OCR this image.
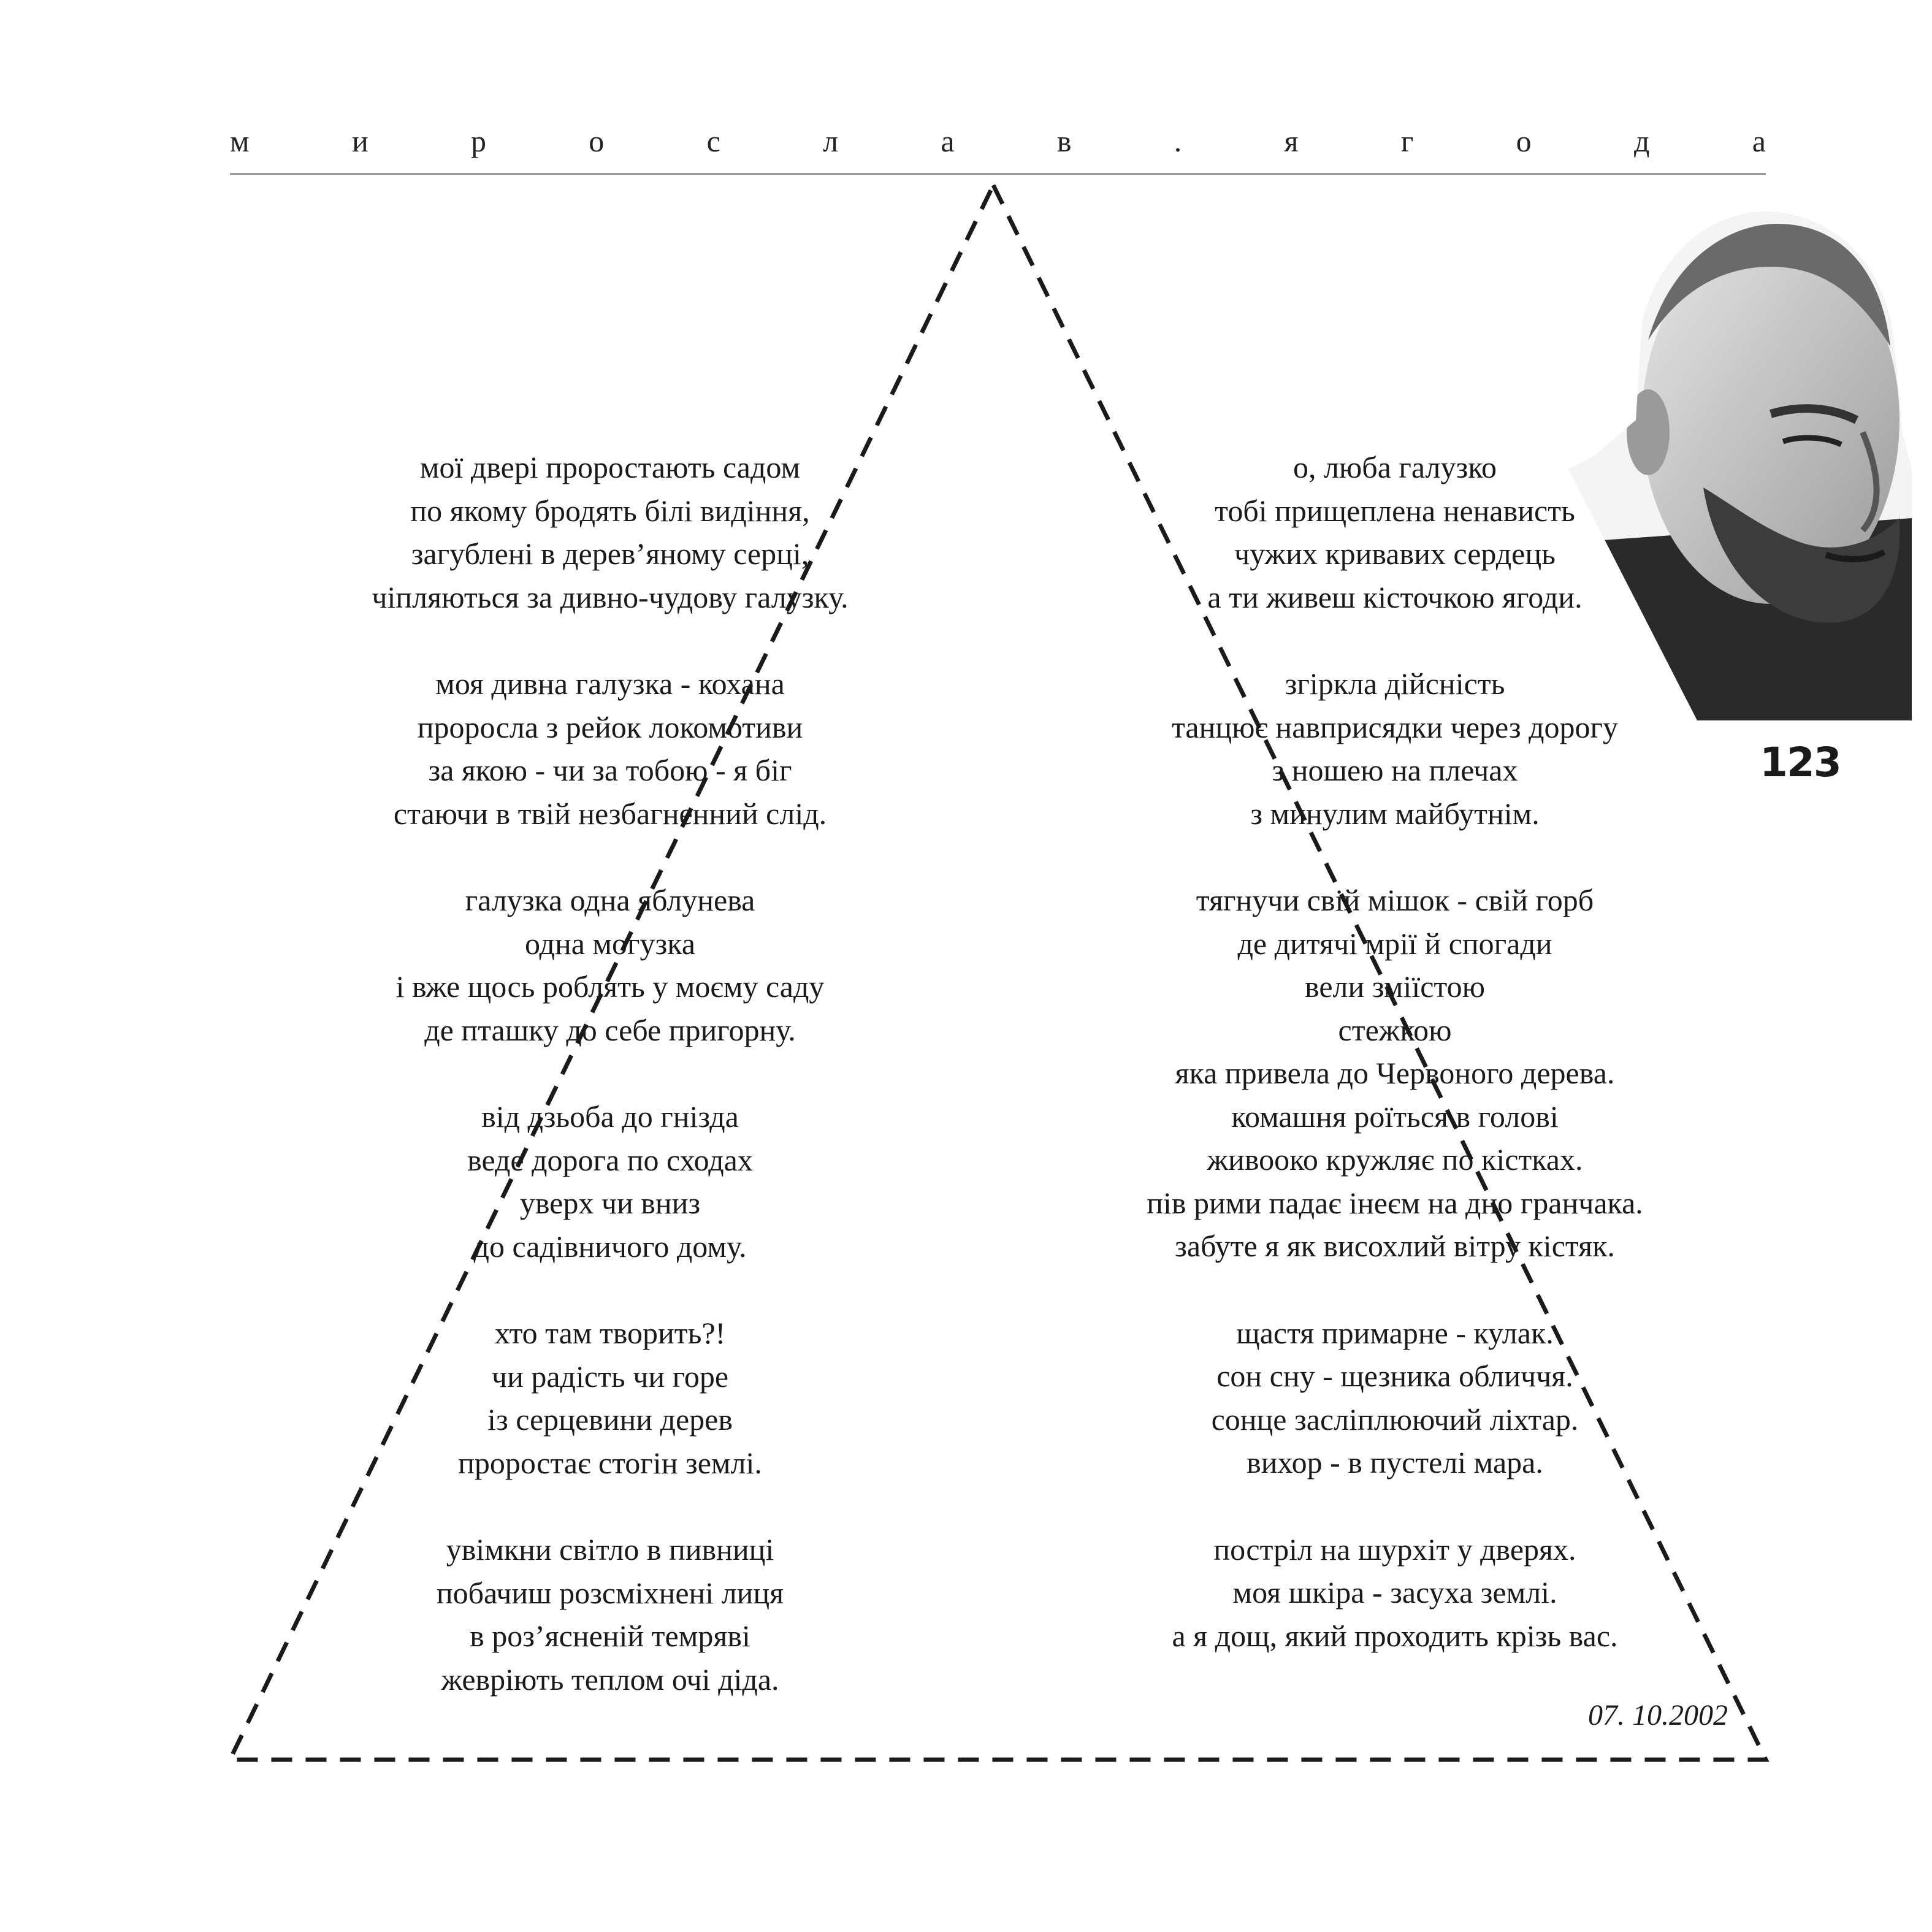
м	и	р	о	с	л	а	в	.	я	г	о	д	а
мої двері проростають садом
по якому бродять білі видіння,
загублені в дерев’яному серці,
чіпляються за дивно-чудову галузку.
моя дивна галузка - кохана
проросла з рейок локомотиви
за якою - чи за тобою - я біг
стаючи в твій незбагненний слід.
галузка одна яблунева
одна могузка
і вже щось роблять у моєму саду
де пташку до себе пригорну.
від дзьоба до гнізда
веде дорога по сходах
уверх чи вниз
до садівничого дому.
хто там творить?!
чи радість чи горе
із серцевини дерев
проростає стогін землі.
увімкни світло в пивниці
побачиш розсміхнені лиця
в роз’ясненій темряві
жеврiють теплом очі діда.
о, люба галузко
тобі прищеплена ненависть
чужих кривавих сердець
а ти живеш кісточкою ягоди.
згіркла дійсність
танцює навприсядки через дорогу
з ношею на плечах
з минулим майбутнім.
тягнучи свій мішок - свій горб
де дитячі мрії й спогади
вели зміїстою
стежкою
яка привела до Червоного дерева.
комашня роїться в голові
живооко кружляє по кістках.
пів рими падає інеєм на дно гранчака.
забуте я як висохлий вітру кістяк.
щастя примарне - кулак.
сон сну - щезника обличчя.
сонце засліплюючий ліхтар.
вихор - в пустелі мара.
постріл на шурхіт у дверях.
моя шкіра - засуха землі.
а я дощ, який проходить крізь вас.
07. 10.2002
123
